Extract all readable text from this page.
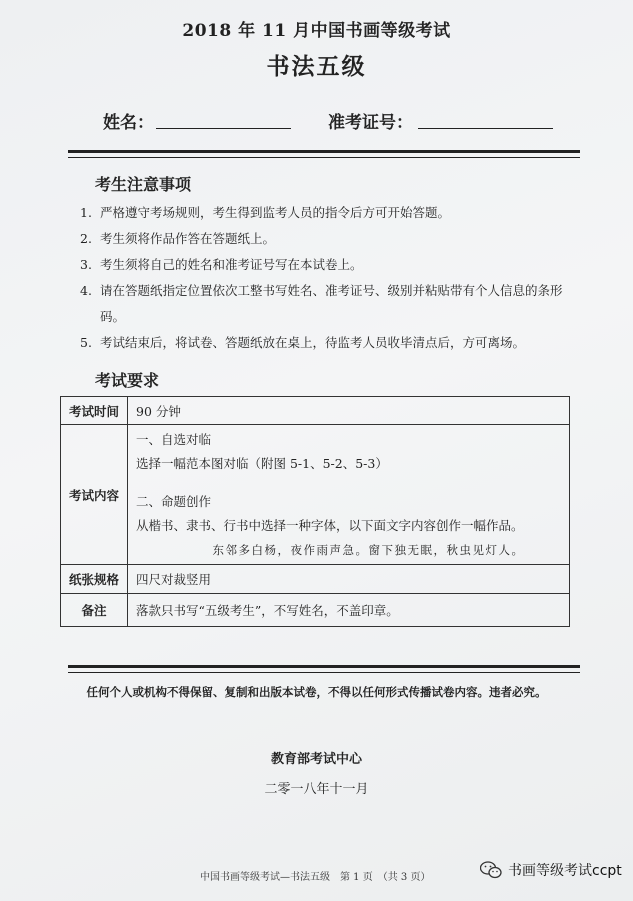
2018 年 11 月中国书画等级考试
书法五级
姓名：	准考证号：
考生注意事项
1. 严格遵守考场规则，考生得到监考人员的指令后方可开始答题。
2. 考生须将作品作答在答题纸上。
3. 考生须将自己的姓名和准考证号写在本试卷上。
4. 请在答题纸指定位置依次工整书写姓名、准考证号、级别并粘贴带有个人信息的条形码。
5. 考试结束后，将试卷、答题纸放在桌上，待监考人员收毕清点后，方可离场。
考试要求
考试时间	90 分钟
考试内容	一、自选对临
选择一幅范本图对临（附图 5-1、5-2、5-3）
二、命题创作
从楷书、隶书、行书中选择一种字体，以下面文字内容创作一幅作品。
东邻多白杨，夜作雨声急。窗下独无眠，秋虫见灯人。

纸张规格	四尺对裁竖用
备注	落款只书写“五级考生”，不写姓名，不盖印章。
任何个人或机构不得保留、复制和出版本试卷，不得以任何形式传播试卷内容。违者必究。
教育部考试中心
二零一八年十一月
中国书画等级考试—书法五级　第 1 页　（共 3 页）	书画等级考试ccpt
